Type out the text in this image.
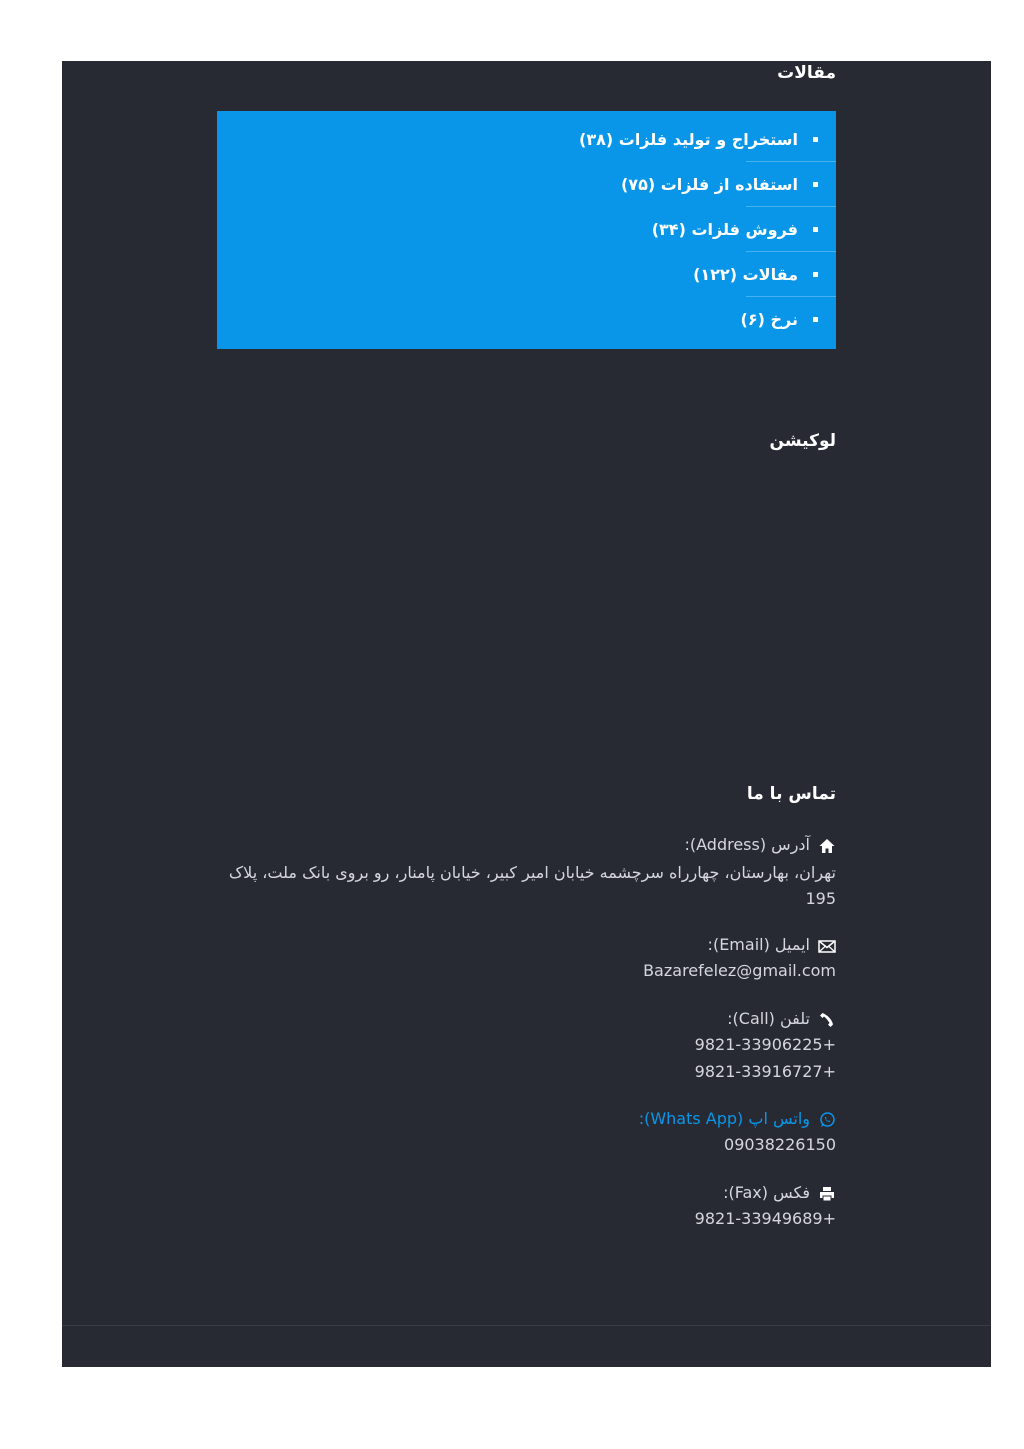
مقالات
استخراج و تولید فلزات (۳۸)
استفاده از فلزات (۷۵)
فروش فلزات (۳۴)
مقالات (۱۲۲)
نرخ (۶)
لوکیشن
تماس با ما
آدرس (Address):
تهران، بهارستان، چهارراه سرچشمه خیابان امیر کبیر، خیابان پامنار، رو بروی بانک ملت، پلاک 195
ایمیل (Email):
Bazarefelez@gmail.com
تلفن (Call):
+9821-33906225
+9821-33916727
واتس اپ (Whats App):
09038226150
فکس (Fax):
+9821-33949689
